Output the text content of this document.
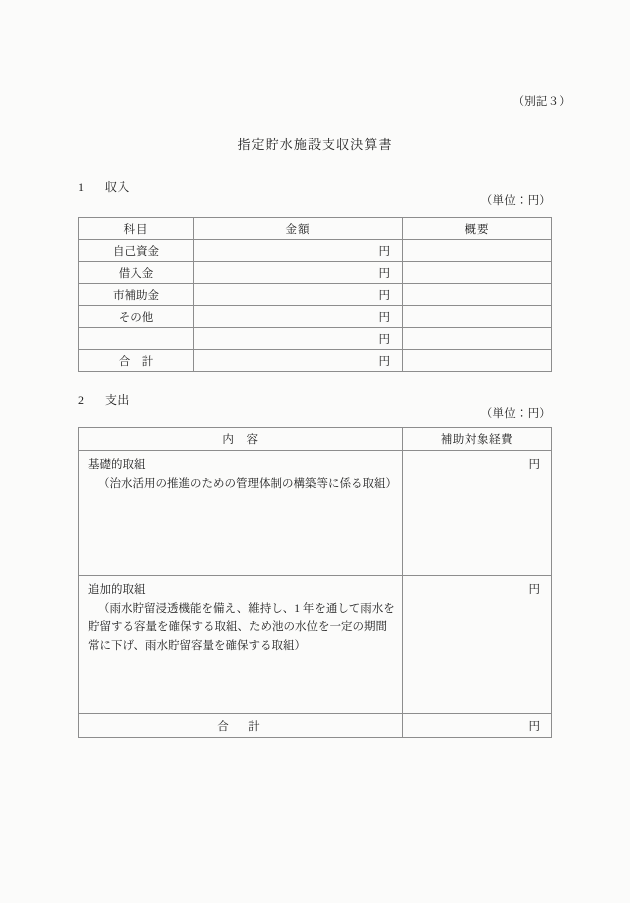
（別記３）
指定貯水施設支収決算書
1 収入
（単位：円）
科目	金額	概要
自己資金	円	
借入金	円	
市補助金	円	
その他	円	
	円	
合　計	円	
2 支出
（単位：円）
内　容	補助対象経費

基礎的取組
（治水活用の推進のための管理体制の構築等に係る取組）	円

追加的取組
（雨水貯留浸透機能を備え、維持し、1 年を通して雨水を
貯留する容量を確保する取組、ため池の水位を一定の期間
常に下げ、雨水貯留容量を確保する取組）	円
合　計	円
